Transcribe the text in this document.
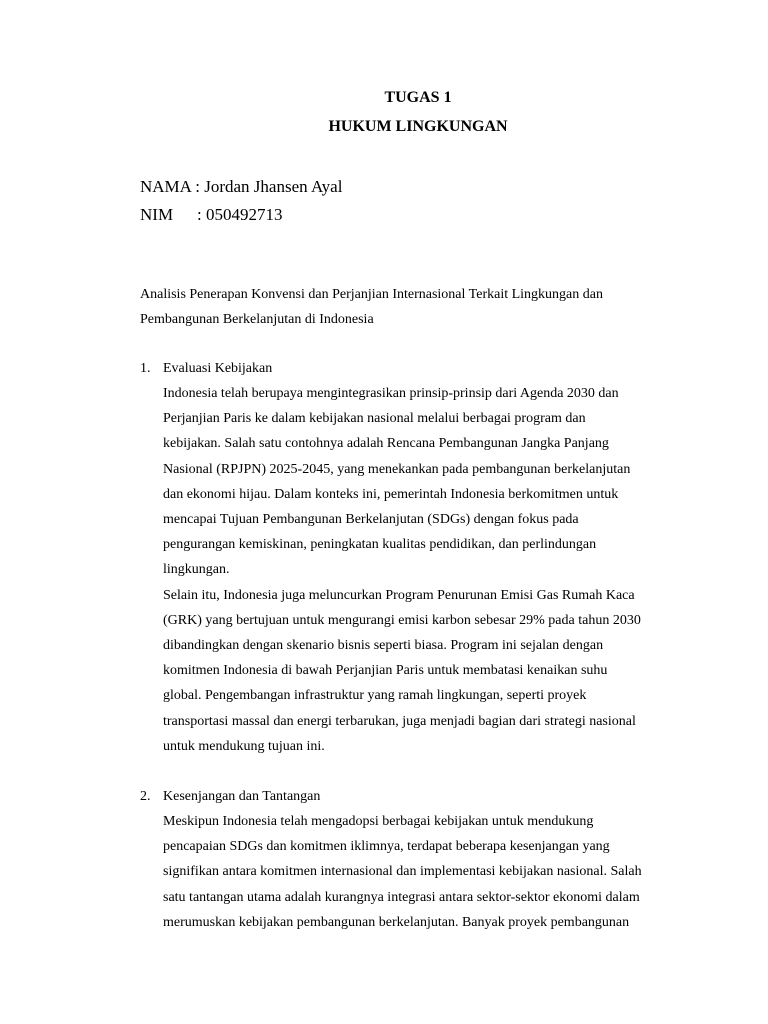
TUGAS 1
HUKUM LINGKUNGAN
NAMA : Jordan Jhansen Ayal
NIM : 050492713
Analisis Penerapan Konvensi dan Perjanjian Internasional Terkait Lingkungan dan
Pembangunan Berkelanjutan di Indonesia
1. Evaluasi Kebijakan
Indonesia telah berupaya mengintegrasikan prinsip-prinsip dari Agenda 2030 dan
Perjanjian Paris ke dalam kebijakan nasional melalui berbagai program dan
kebijakan. Salah satu contohnya adalah Rencana Pembangunan Jangka Panjang
Nasional (RPJPN) 2025-2045, yang menekankan pada pembangunan berkelanjutan
dan ekonomi hijau. Dalam konteks ini, pemerintah Indonesia berkomitmen untuk
mencapai Tujuan Pembangunan Berkelanjutan (SDGs) dengan fokus pada
pengurangan kemiskinan, peningkatan kualitas pendidikan, dan perlindungan
lingkungan.
Selain itu, Indonesia juga meluncurkan Program Penurunan Emisi Gas Rumah Kaca
(GRK) yang bertujuan untuk mengurangi emisi karbon sebesar 29% pada tahun 2030
dibandingkan dengan skenario bisnis seperti biasa. Program ini sejalan dengan
komitmen Indonesia di bawah Perjanjian Paris untuk membatasi kenaikan suhu
global. Pengembangan infrastruktur yang ramah lingkungan, seperti proyek
transportasi massal dan energi terbarukan, juga menjadi bagian dari strategi nasional
untuk mendukung tujuan ini.
2. Kesenjangan dan Tantangan
Meskipun Indonesia telah mengadopsi berbagai kebijakan untuk mendukung
pencapaian SDGs dan komitmen iklimnya, terdapat beberapa kesenjangan yang
signifikan antara komitmen internasional dan implementasi kebijakan nasional. Salah
satu tantangan utama adalah kurangnya integrasi antara sektor-sektor ekonomi dalam
merumuskan kebijakan pembangunan berkelanjutan. Banyak proyek pembangunan
